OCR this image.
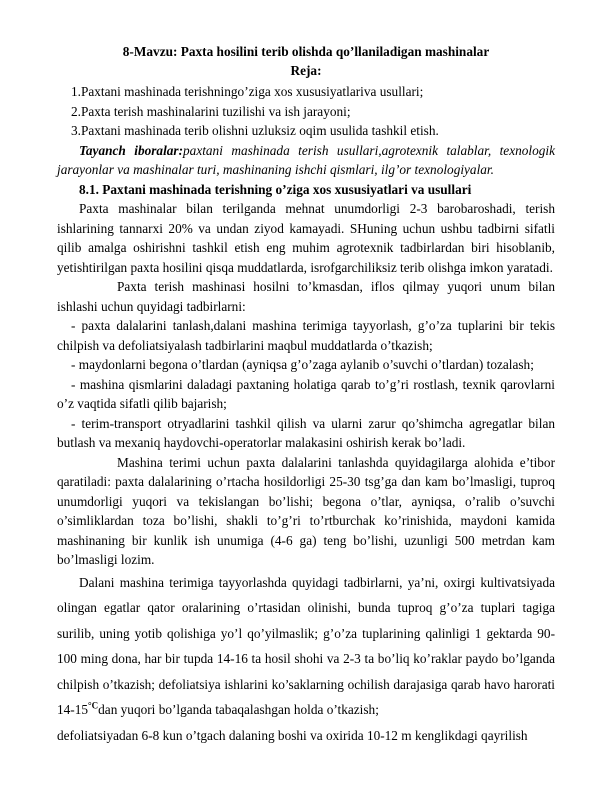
8-Mavzu: Paxta hosilini terib olishda qo’llaniladigan mashinalar
Reja:

1.Paxtani mashinada terishningo’ziga xos xususiyatlariva usullari;

2.Paxta terish mashinalarini tuzilishi va ish jarayoni;

3.Paxtani mashinada terib olishni uzluksiz oqim usulida tashkil etish.

Tayanch iboralar:paxtani mashinada terish usullari,agrotexnik talablar, texnologik jarayonlar va mashinalar turi, mashinaning ishchi qismlari, ilg’or texnologiyalar.

8.1. Paxtani mashinada terishning o’ziga xos xususiyatlari va usullari

Paxta mashinalar bilan terilganda mehnat unumdorligi 2-3 barobaroshadi, terish ishlarining tannarxi 20% va undan ziyod kamayadi. SHuning uchun ushbu tadbirni sifatli qilib amalga oshirishni tashkil etish eng muhim agrotexnik tadbirlardan biri hisoblanib, yetishtirilgan paxta hosilini qisqa muddatlarda, isrofgarchiliksiz terib olishga imkon yaratadi.

Paxta terish mashinasi hosilni to’kmasdan, iflos qilmay yuqori unum bilan ishlashi uchun quyidagi tadbirlarni:

- paxta dalalarini tanlash,dalani mashina terimiga tayyorlash, g’o’za tuplarini bir tekis chilpish va defoliatsiyalash tadbirlarini maqbul muddatlarda o’tkazish;

- maydonlarni begona o’tlardan (ayniqsa g’o’zaga aylanib o’suvchi o’tlardan) tozalash;

- mashina qismlarini daladagi paxtaning holatiga qarab to’g’ri rostlash, texnik qarovlarni o’z vaqtida sifatli qilib bajarish;

- terim-transport otryadlarini tashkil qilish va ularni zarur qo’shimcha agregatlar bilan butlash va mexaniq haydovchi-operatorlar malakasini oshirish kerak bo’ladi.

Mashina terimi uchun paxta dalalarini tanlashda quyidagilarga alohida e’tibor qaratiladi: paxta dalalarining o’rtacha hosildorligi 25-30 tsg’ga dan kam bo’lmasligi, tuproq unumdorligi yuqori va tekislangan bo’lishi; begona o’tlar, ayniqsa, o’ralib o’suvchi o’simliklardan toza bo’lishi, shakli to’g’ri to’rtburchak ko’rinishida, maydoni kamida mashinaning bir kunlik ish unumiga (4-6 ga) teng bo’lishi, uzunligi 500 metrdan kam bo’lmasligi lozim.

Dalani mashina terimiga tayyorlashda quyidagi tadbirlarni, ya’ni, oxirgi kultivatsiyada olingan egatlar qator oralarining o’rtasidan olinishi, bunda tuproq g’o’za tuplari tagiga surilib, uning yotib qolishiga yo’l qo’yilmaslik; g’o’za tuplarining qalinligi 1 gektarda 90-100 ming dona, har bir tupda 14-16 ta hosil shohi va 2-3 ta bo’liq ko’raklar paydo bo’lganda chilpish o’tkazish; defoliatsiya ishlarini ko’saklarning ochilish darajasiga qarab havo harorati $14-15^{^\circ C}dan$ yuqori bo’lganda tabaqalashgan holda o’tkazish;

defoliatsiyadan 6-8 kun o’tgach dalaning boshi va oxirida 10-12 m kenglikdagi qayrilish
